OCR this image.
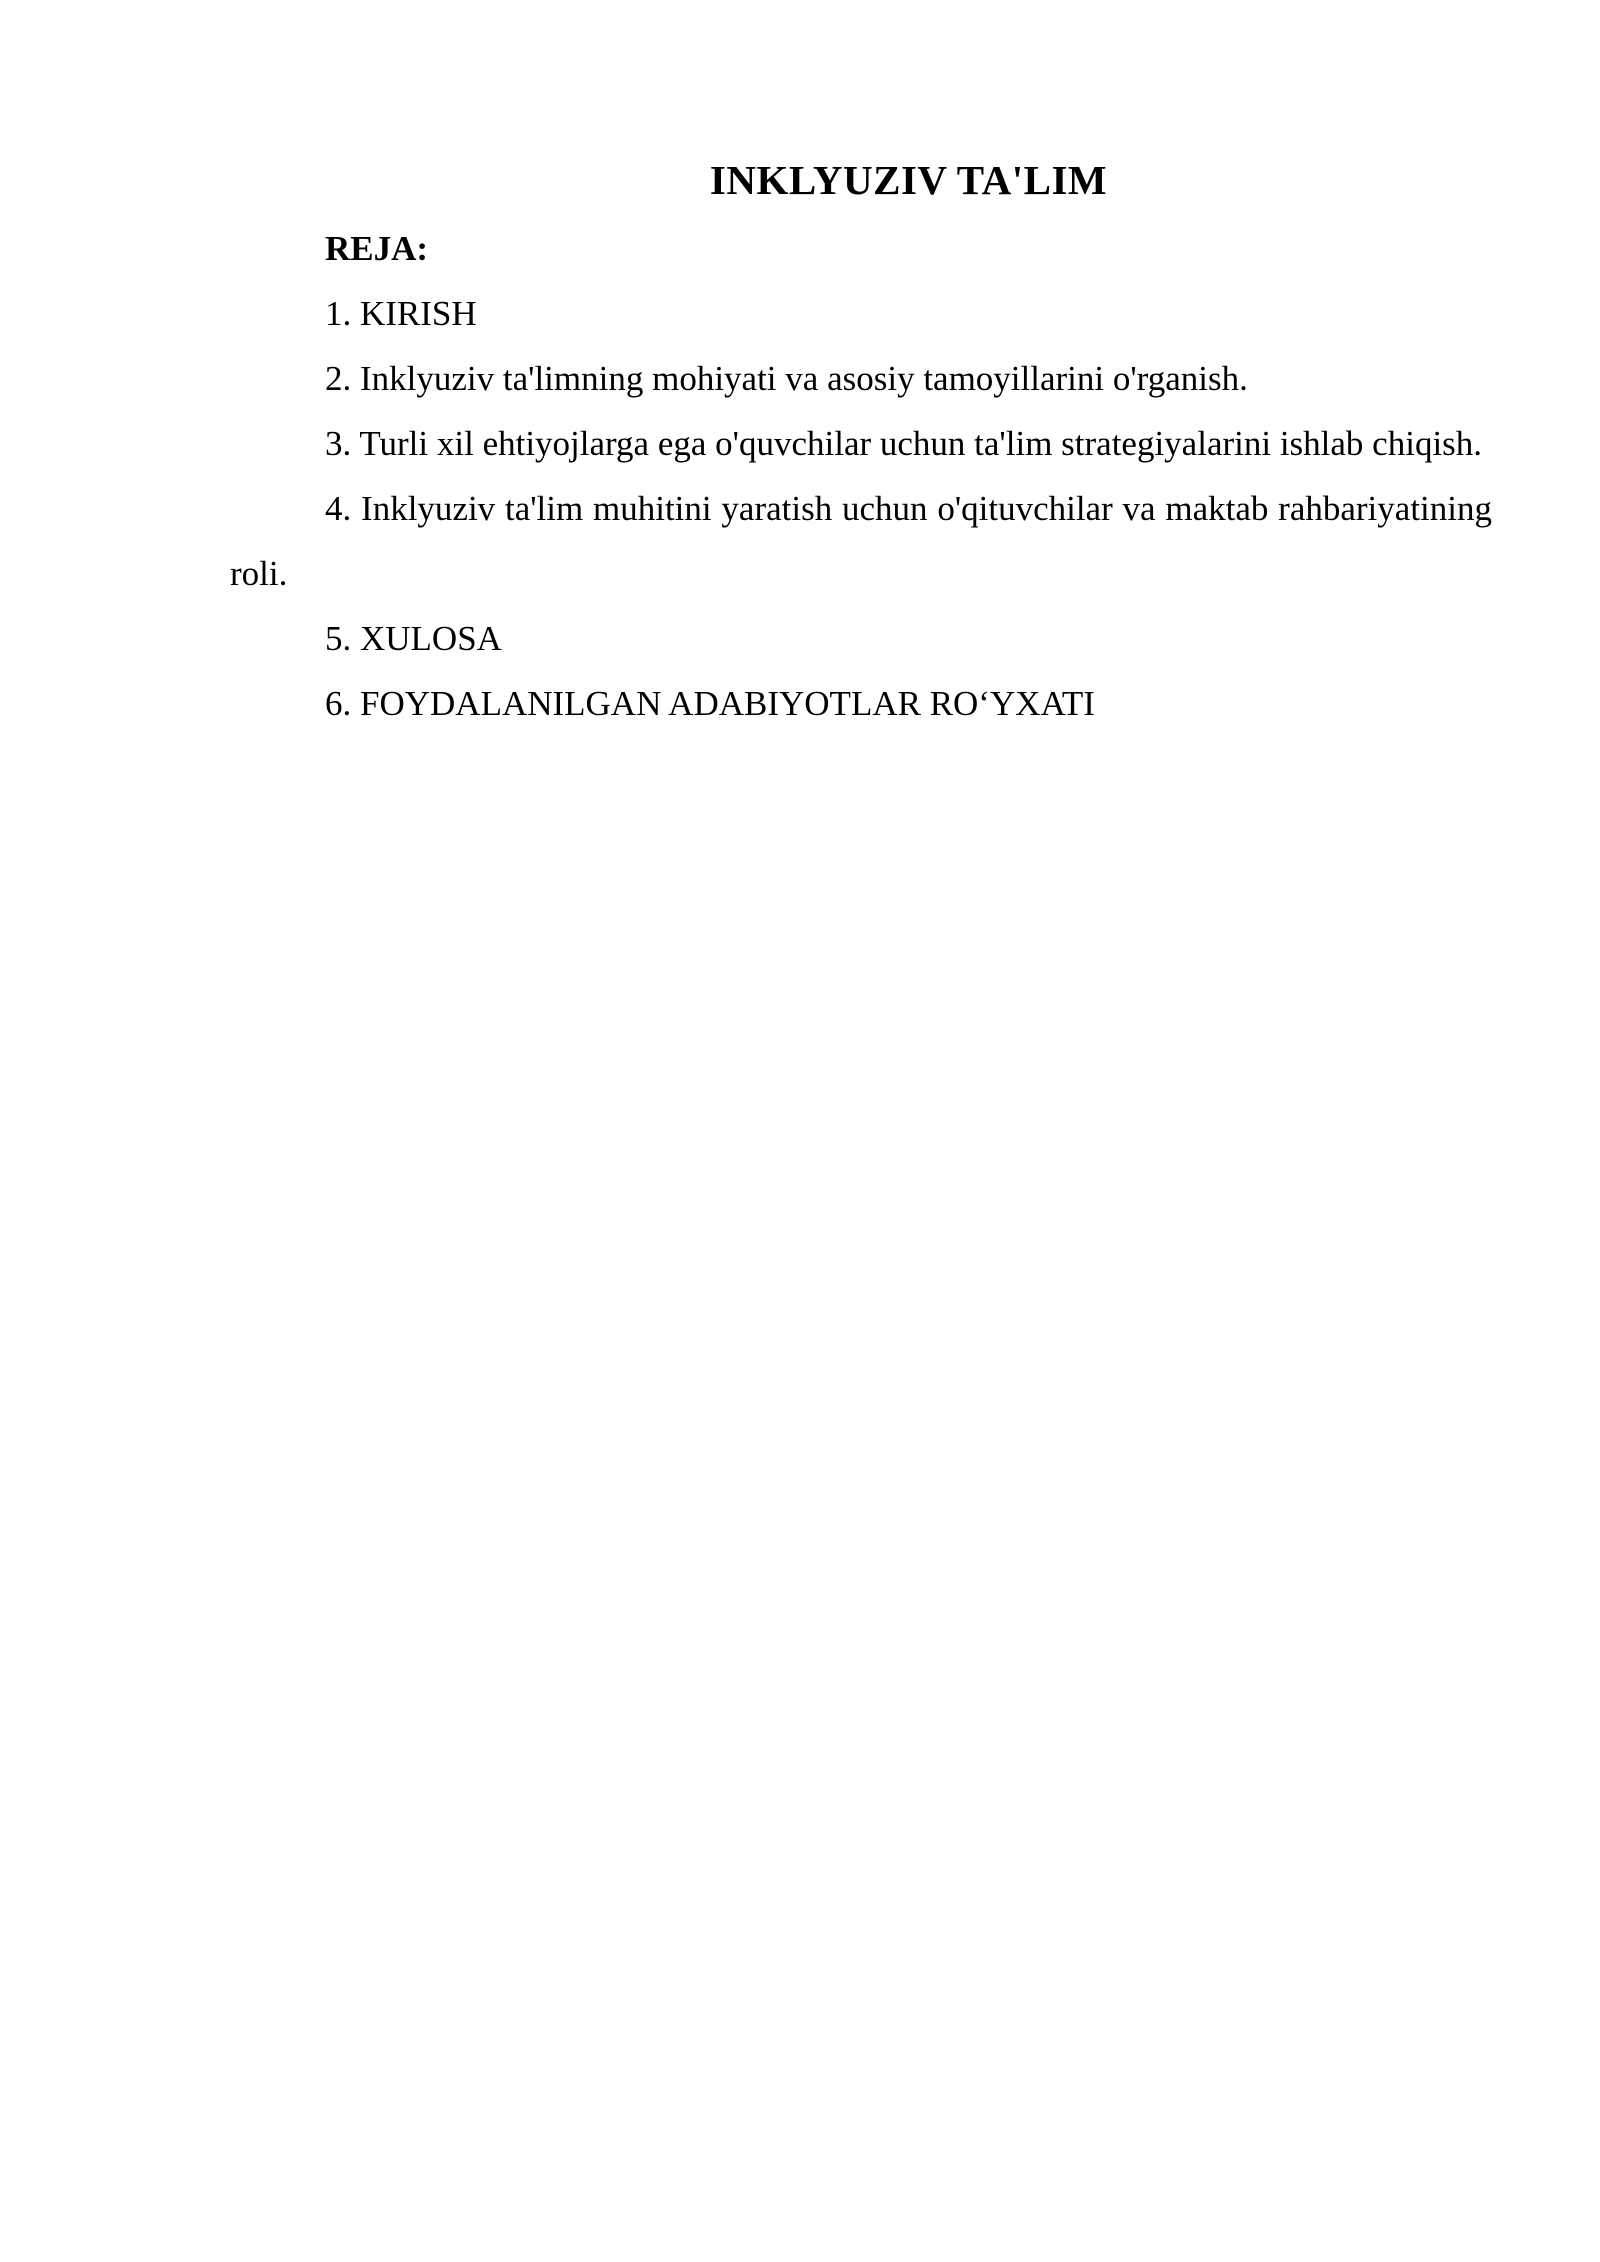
INKLYUZIV TA'LIM

REJA:

1. KIRISH
2. Inklyuziv ta'limning mohiyati va asosiy tamoyillarini o'rganish.
3. Turli xil ehtiyojlarga ega o'quvchilar uchun ta'lim strategiyalarini ishlab chiqish.
4. Inklyuziv ta'lim muhitini yaratish uchun o'qituvchilar va maktab rahbariyatining roli.
5. XULOSA
6. FOYDALANILGAN ADABIYOTLAR RO‘YXATI
